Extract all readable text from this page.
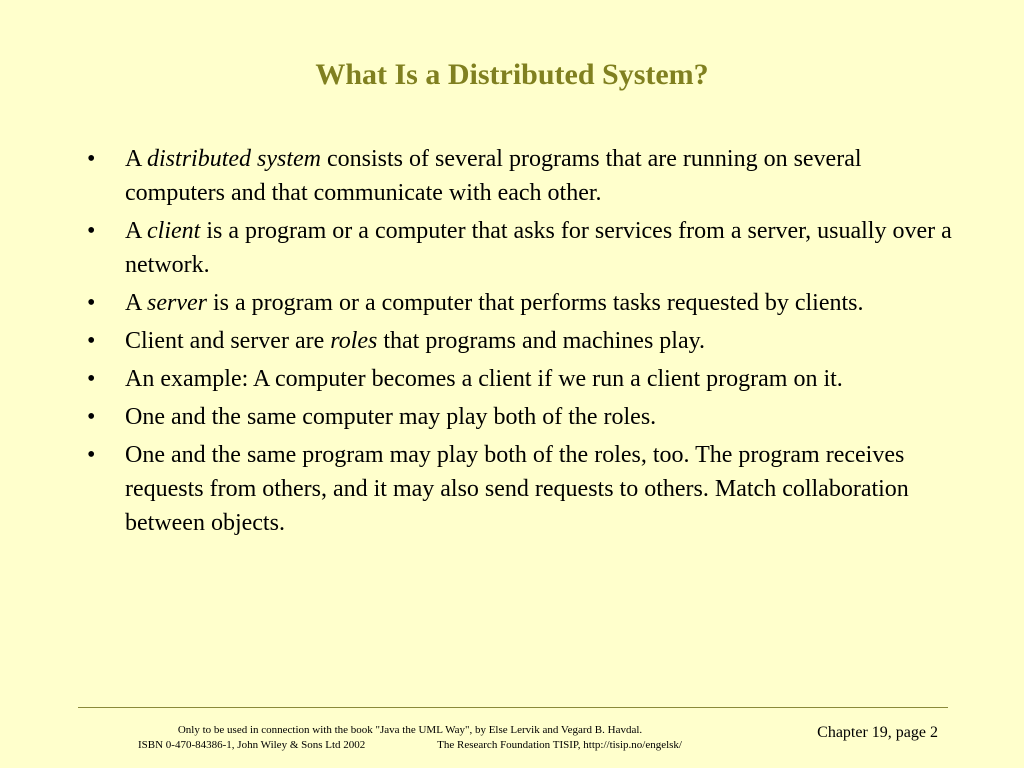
What Is a Distributed System?
• A distributed system consists of several programs that are running on several computers and that communicate with each other.
• A client is a program or a computer that asks for services from a server, usually over a network.
• A server is a program or a computer that performs tasks requested by clients.
• Client and server are roles that programs and machines play.
• An example: A computer becomes a client if we run a client program on it.
• One and the same computer may play both of the roles.
• One and the same program may play both of the roles, too. The program receives requests from others, and it may also send requests to others. Match collaboration between objects.
Only to be used in connection with the book "Java the UML Way", by Else Lervik and Vegard B. Havdal.
ISBN 0-470-84386-1, John Wiley & Sons Ltd 2002	The Research Foundation TISIP, http://tisip.no/engelsk/
Chapter 19, page 2
